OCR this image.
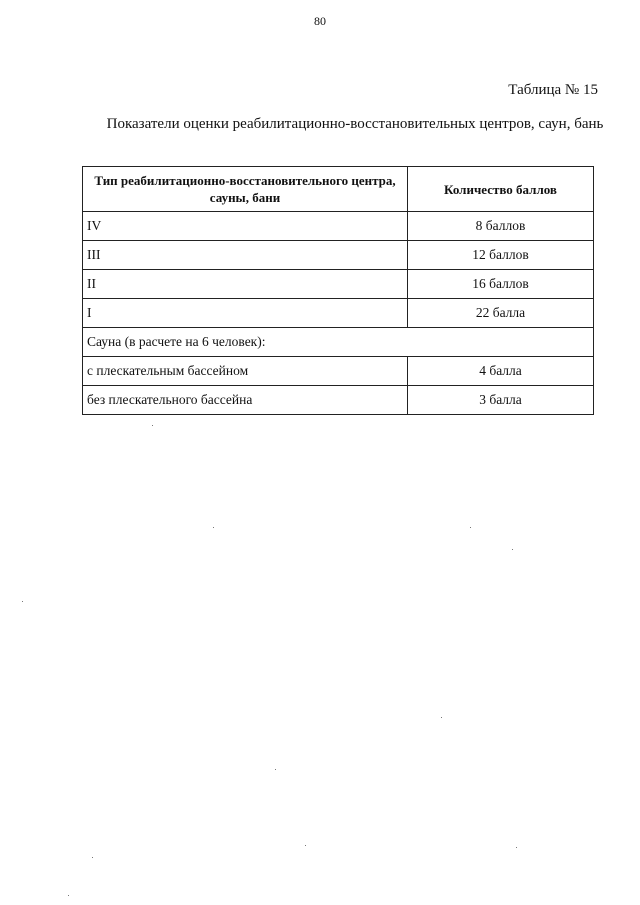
80
Таблица № 15
Показатели оценки реабилитационно-восстановительных центров, саун, бань
Тип реабилитационно-восстановительного центра, сауны, бани	Количество баллов
IV	8 баллов
III	12 баллов
II	16 баллов
I	22 балла
Сауна (в расчете на 6 человек):	
с плескательным бассейном	4 балла
без плескательного бассейна	3 балла
